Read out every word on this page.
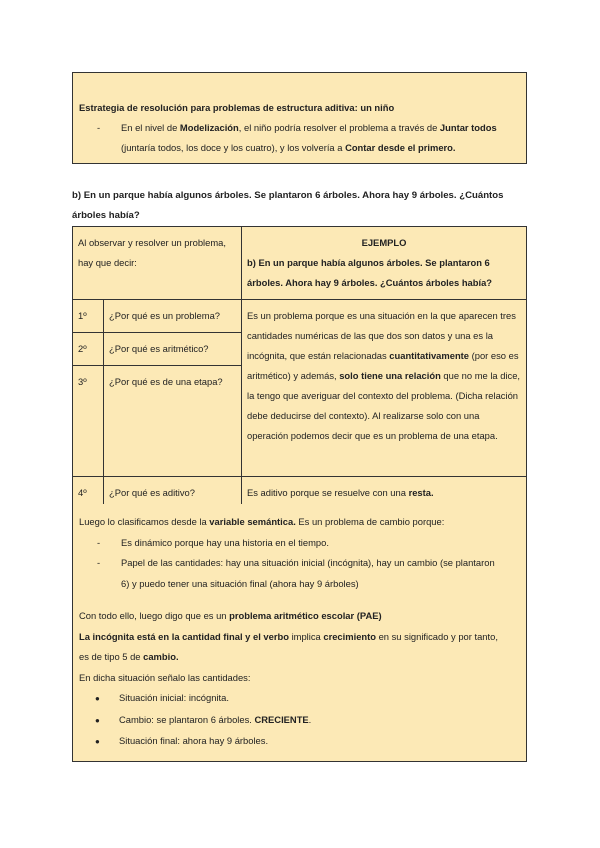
Estrategia de resolución para problemas de estructura aditiva: un niño
- En el nivel de Modelización, el niño podría resolver el problema a través de Juntar todos
(juntaría todos, los doce y los cuatro), y los volvería a Contar desde el primero.
b) En un parque había algunos árboles. Se plantaron 6 árboles. Ahora hay 9 árboles. ¿Cuántos árboles había?
Al observar y resolver un problema, hay que decir:		EJEMPLO
b) En un parque había algunos árboles. Se plantaron 6 árboles. Ahora hay 9 árboles. ¿Cuántos árboles había?

1º	¿Por qué es un problema?	Es un problema porque es una situación en la que aparecen tres cantidades numéricas de las que dos son datos y una es la incógnita, que están relacionadas cuantitativamente (por eso es aritmético) y además, solo tiene una relación que no me la dice, la tengo que averiguar del contexto del problema. (Dicha relación debe deducirse del contexto). Al realizarse solo con una operación podemos decir que es un problema de una etapa.
2º	¿Por qué es aritmético?	
3º	¿Por qué es de una etapa?	
4º	¿Por qué es aditivo?	Es aditivo porque se resuelve con una resta.
Luego lo clasificamos desde la variable semántica. Es un problema de cambio porque:
- Es dinámico porque hay una historia en el tiempo.
- Papel de las cantidades: hay una situación inicial (incógnita), hay un cambio (se plantaron
6) y puedo tener una situación final (ahora hay 9 árboles)
Con todo ello, luego digo que es un problema aritmético escolar (PAE)
La incógnita está en la cantidad final y el verbo implica crecimiento en su significado y por tanto,
es de tipo 5 de cambio.
En dicha situación señalo las cantidades:
● Situación inicial: incógnita.
● Cambio: se plantaron 6 árboles. CRECIENTE.
● Situación final: ahora hay 9 árboles.
